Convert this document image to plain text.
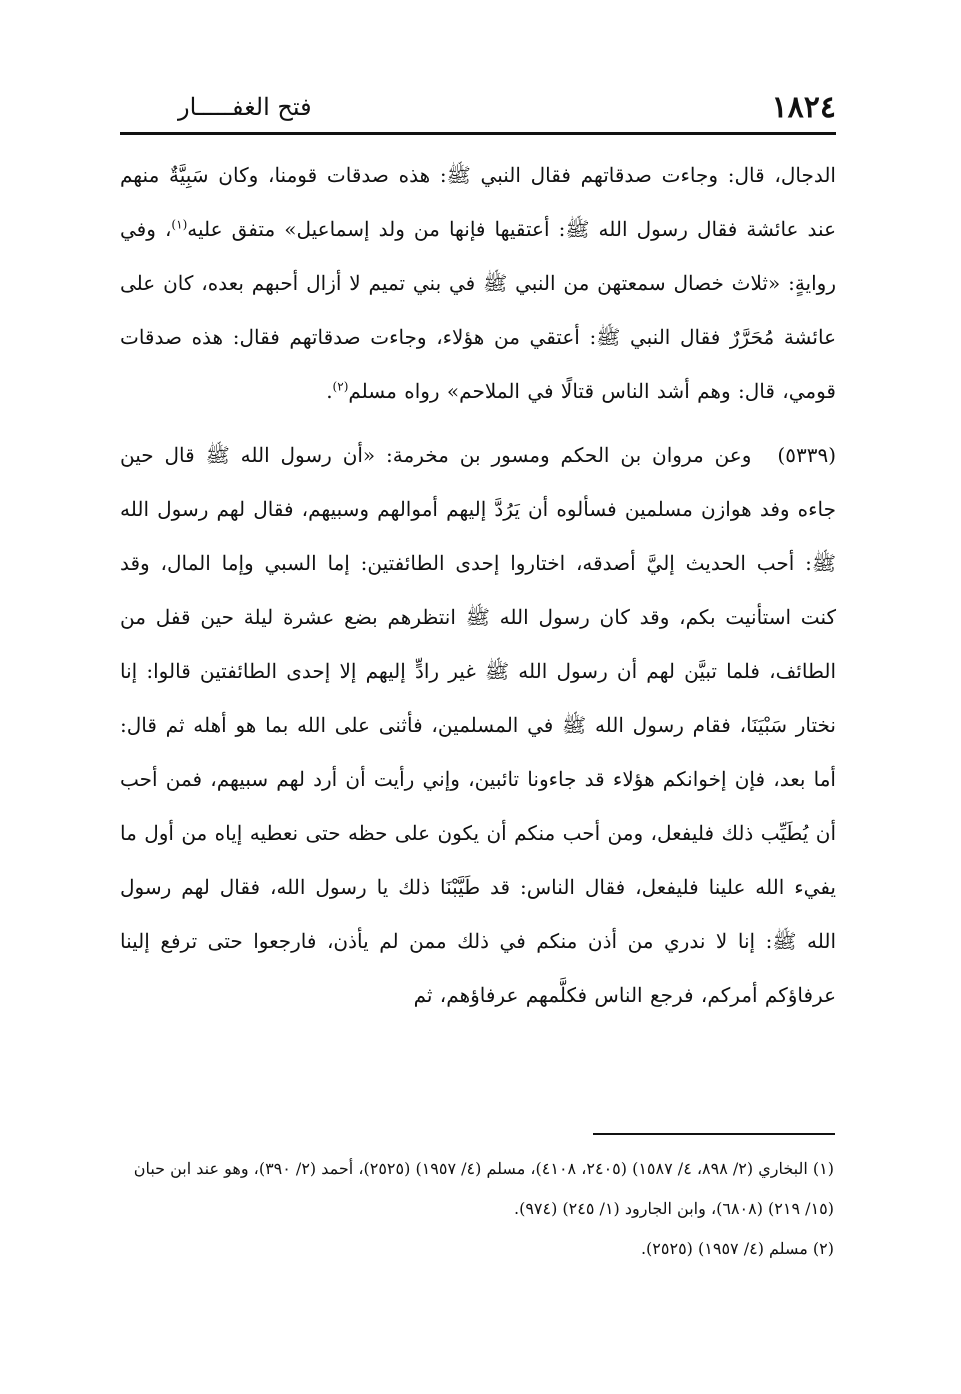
١٨٢٤
فتح الغفـــــار

الدجال، قال: وجاءت صدقاتهم فقال النبي ﷺ: هذه صدقات قومنا، وكان سَبِيَّةٌ منهم عند عائشة فقال رسول الله ﷺ: أعتقيها فإنها من ولد إسماعيل» متفق عليه$^{(١)}$، وفي روايةٍ: «ثلاث خصال سمعتهن من النبي ﷺ في بني تميم لا أزال أحبهم بعده، كان على عائشة مُحَرَّرٌ فقال النبي ﷺ: أعتقي من هؤلاء، وجاءت صدقاتهم فقال: هذه صدقات قومي، قال: وهم أشد الناس قتالًا في الملاحم» رواه مسلم$^{(٢)}$.

(٥٣٣٩)وعن مروان بن الحكم ومسور بن مخرمة: «أن رسول الله ﷺ قال حين جاءه وفد هوازن مسلمين فسألوه أن يَرُدَّ إليهم أموالهم وسبيهم، فقال لهم رسول الله ﷺ: أحب الحديث إليَّ أصدقه، اختاروا إحدى الطائفتين: إما السبي وإما المال، وقد كنت استأنيت بكم، وقد كان رسول الله ﷺ انتظرهم بضع عشرة ليلة حين قفل من الطائف، فلما تبيَّن لهم أن رسول الله ﷺ غير رادٍّ إليهم إلا إحدى الطائفتين قالوا: إنا نختار سَبْيَنَا، فقام رسول الله ﷺ في المسلمين، فأثنى على الله بما هو أهله ثم قال: أما بعد، فإن إخوانكم هؤلاء قد جاءونا تائبين، وإني رأيت أن أرد لهم سبيهم، فمن أحب أن يُطَيِّب ذلك فليفعل، ومن أحب منكم أن يكون على حظه حتى نعطيه إياه من أول ما يفيء الله علينا فليفعل، فقال الناس: قد طَيَّبْنَا ذلك يا رسول الله، فقال لهم رسول الله ﷺ: إنا لا ندري من أذن منكم في ذلك ممن لم يأذن، فارجعوا حتى ترفع إلينا عرفاؤكم أمركم، فرجع الناس فكلَّمهم عرفاؤهم، ثم

(١) البخاري (٢/ ٨٩٨، ٤/ ١٥٨٧) (٢٤٠٥، ٤١٠٨)، مسلم (٤/ ١٩٥٧) (٢٥٢٥)، أحمد (٢/ ٣٩٠)، وهو عند ابن حبان (١٥/ ٢١٩) (٦٨٠٨)، وابن الجارود (١/ ٢٤٥) (٩٧٤).

(٢) مسلم (٤/ ١٩٥٧) (٢٥٢٥).
